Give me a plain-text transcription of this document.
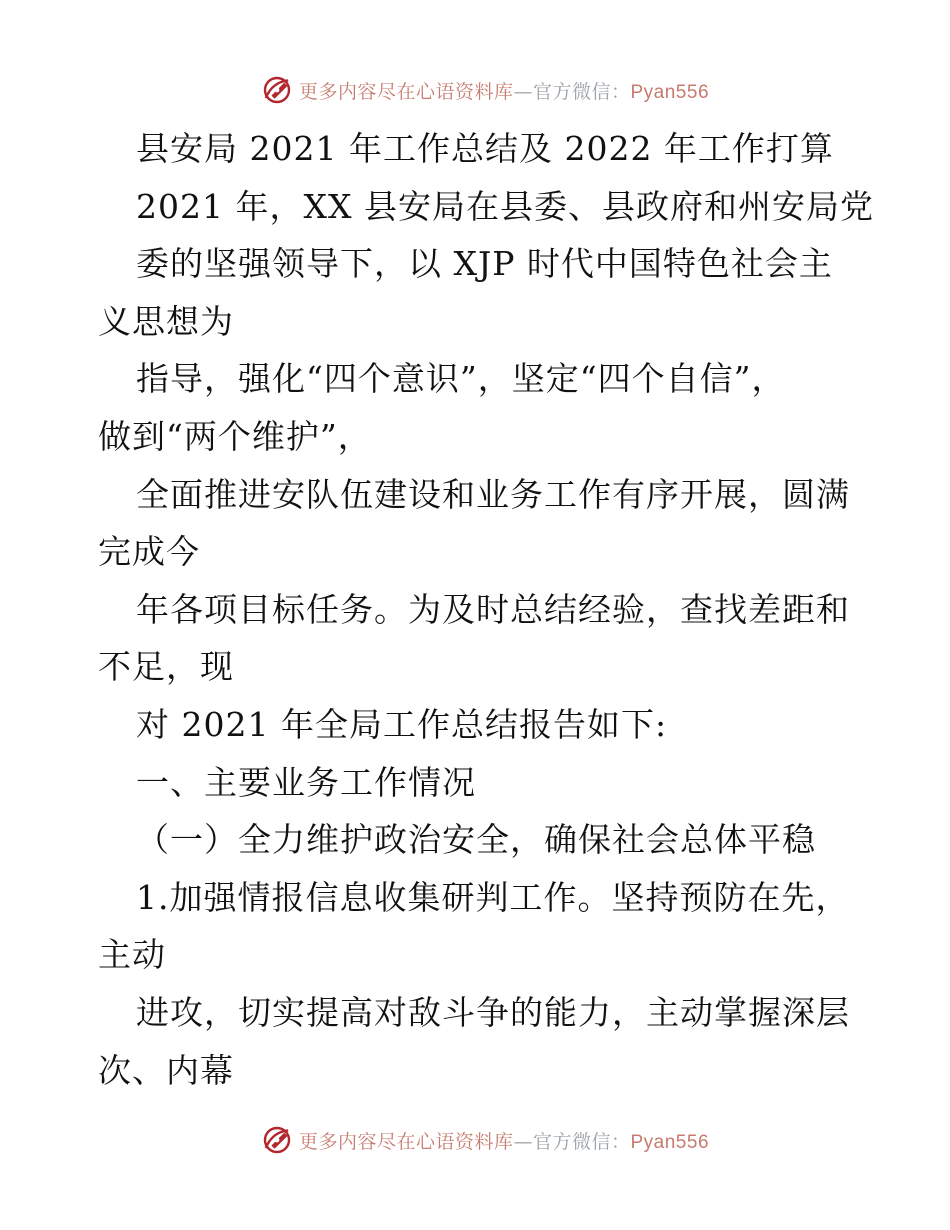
更多内容尽在心语资料库—官方微信：Pyan556
县安局 2021 年工作总结及 2022 年工作打算
2021 年，XX 县安局在县委、县政府和州安局党
委的坚强领导下，以 XJP 时代中国特色社会主
义思想为
指导，强化“四个意识”，坚定“四个自信”，
做到“两个维护”，
全面推进安队伍建设和业务工作有序开展，圆满
完成今
年各项目标任务。为及时总结经验，查找差距和
不足，现
对 2021 年全局工作总结报告如下:
一、主要业务工作情况
（一）全力维护政治安全，确保社会总体平稳
1.加强情报信息收集研判工作。坚持预防在先，
主动
进攻，切实提高对敌斗争的能力，主动掌握深层
次、内幕
更多内容尽在心语资料库—官方微信：Pyan556
